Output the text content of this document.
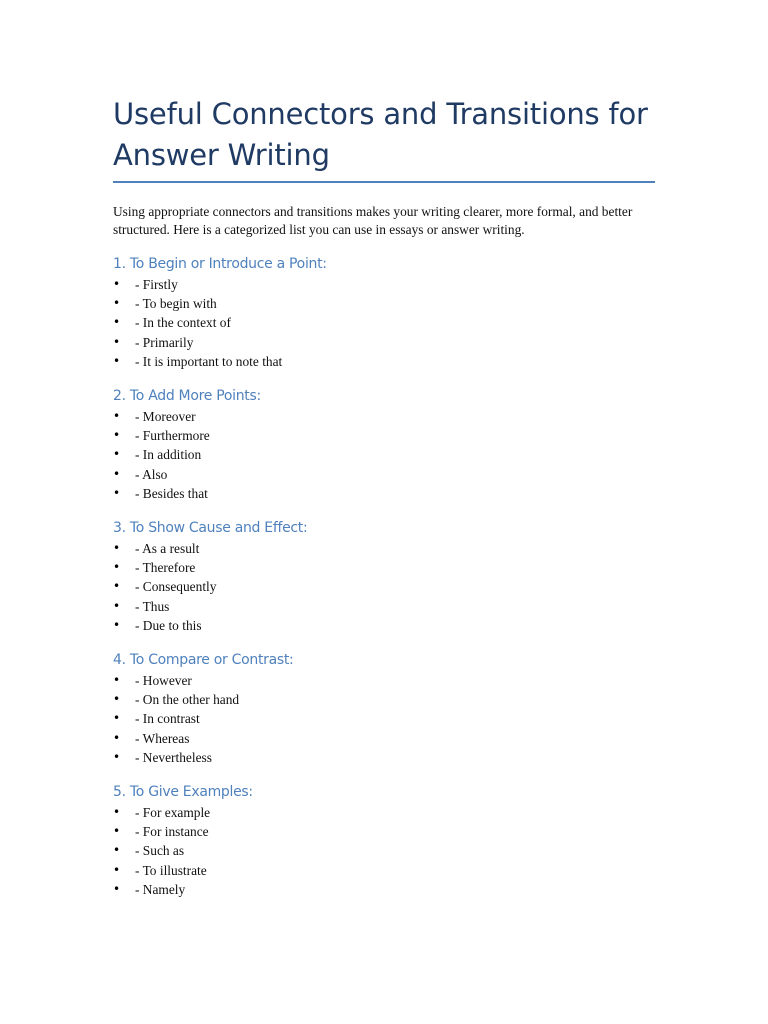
Useful Connectors and Transitions for Answer Writing

Using appropriate connectors and transitions makes your writing clearer, more formal, and better structured. Here is a categorized list you can use in essays or answer writing.

1. To Begin or Introduce a Point:
• - Firstly
• - To begin with
• - In the context of
• - Primarily
• - It is important to note that
2. To Add More Points:
• - Moreover
• - Furthermore
• - In addition
• - Also
• - Besides that
3. To Show Cause and Effect:
• - As a result
• - Therefore
• - Consequently
• - Thus
• - Due to this
4. To Compare or Contrast:
• - However
• - On the other hand
• - In contrast
• - Whereas
• - Nevertheless
5. To Give Examples:
• - For example
• - For instance
• - Such as
• - To illustrate
• - Namely
